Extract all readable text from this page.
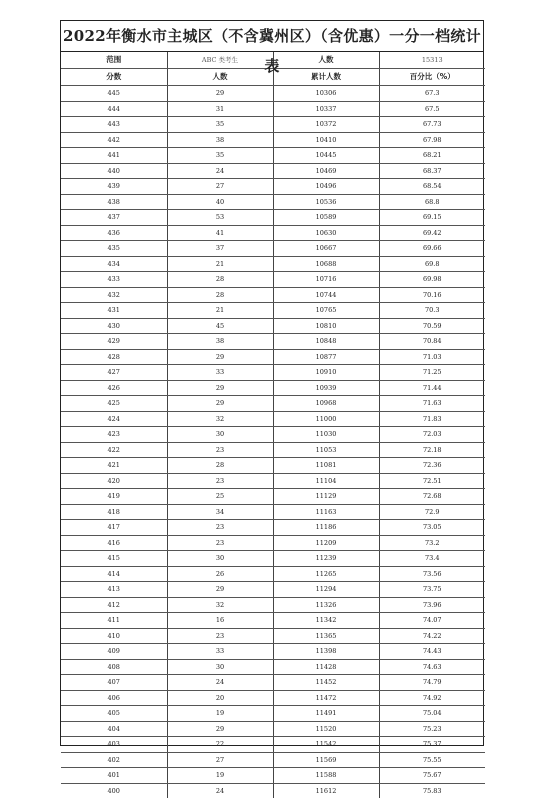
2022年衡水市主城区（不含冀州区）（含优惠）一分一档统计表
范围	ABC 类考生	人数	15313
分数	人数	累计人数	百分比（%）
445	29	10306	67.3
444	31	10337	67.5
443	35	10372	67.73
442	38	10410	67.98
441	35	10445	68.21
440	24	10469	68.37
439	27	10496	68.54
438	40	10536	68.8
437	53	10589	69.15
436	41	10630	69.42
435	37	10667	69.66
434	21	10688	69.8
433	28	10716	69.98
432	28	10744	70.16
431	21	10765	70.3
430	45	10810	70.59
429	38	10848	70.84
428	29	10877	71.03
427	33	10910	71.25
426	29	10939	71.44
425	29	10968	71.63
424	32	11000	71.83
423	30	11030	72.03
422	23	11053	72.18
421	28	11081	72.36
420	23	11104	72.51
419	25	11129	72.68
418	34	11163	72.9
417	23	11186	73.05
416	23	11209	73.2
415	30	11239	73.4
414	26	11265	73.56
413	29	11294	73.75
412	32	11326	73.96
411	16	11342	74.07
410	23	11365	74.22
409	33	11398	74.43
408	30	11428	74.63
407	24	11452	74.79
406	20	11472	74.92
405	19	11491	75.04
404	29	11520	75.23
403	22	11542	75.37
402	27	11569	75.55
401	19	11588	75.67
400	24	11612	75.83
